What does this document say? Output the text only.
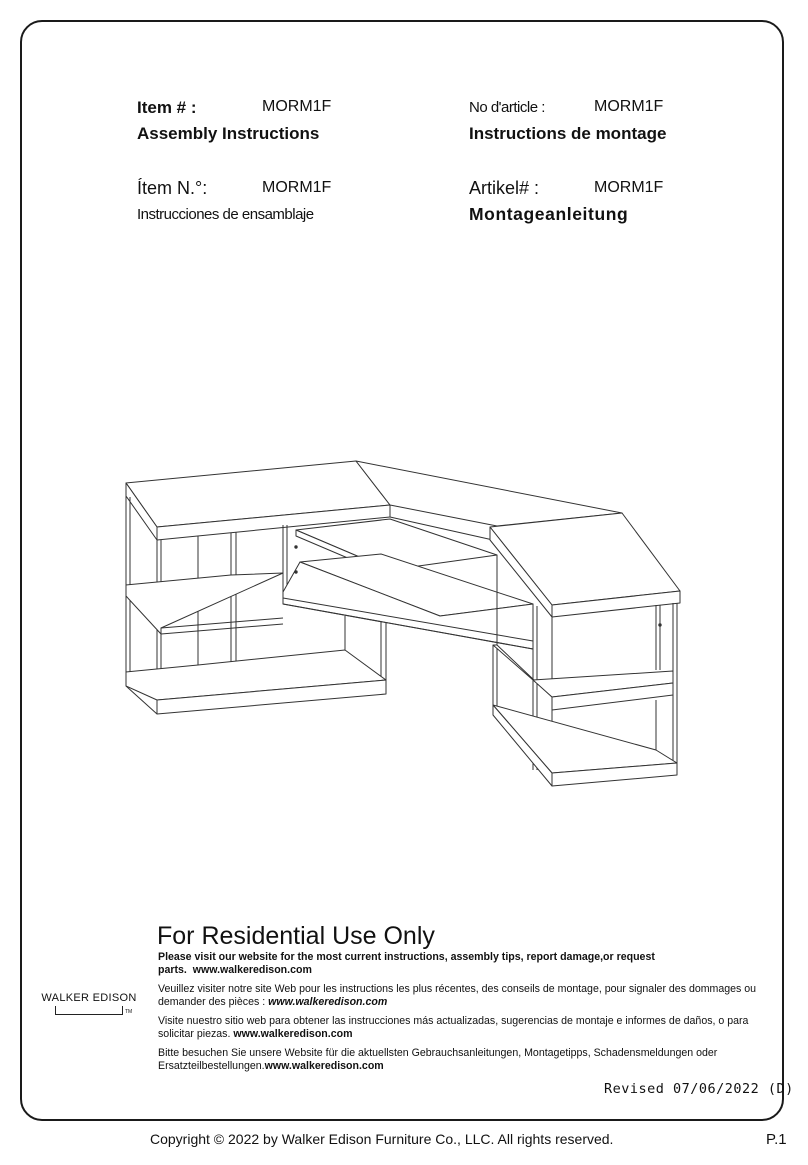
Item # :	MORM1F
Assembly Instructions
No d'article :	MORM1F
Instructions de montage
Ítem N.°:	MORM1F
Instrucciones de ensamblaje
Artikel# :	MORM1F
Montageanleitung
For Residential Use Only

Please visit our website for the most current instructions, assembly tips, report damage,or request parts. www.walkeredison.com

Veuillez visiter notre site Web pour les instructions les plus récentes, des conseils de montage, pour signaler des dommages ou demander des pièces : www.walkeredison.com

Visite nuestro sitio web para obtener las instrucciones más actualizadas, sugerencias de montaje e informes de daños, o para solicitar piezas. www.walkeredison.com

Bitte besuchen Sie unsere Website für die aktuellsten Gebrauchsanleitungen, Montagetipps, Schadensmeldungen oder Ersatzteilbestellungen.www.walkeredison.com

WALKER EDISON
TM
Revised 07/06/2022 (D)
Copyright © 2022 by Walker Edison Furniture Co., LLC. All rights reserved.	P.1
